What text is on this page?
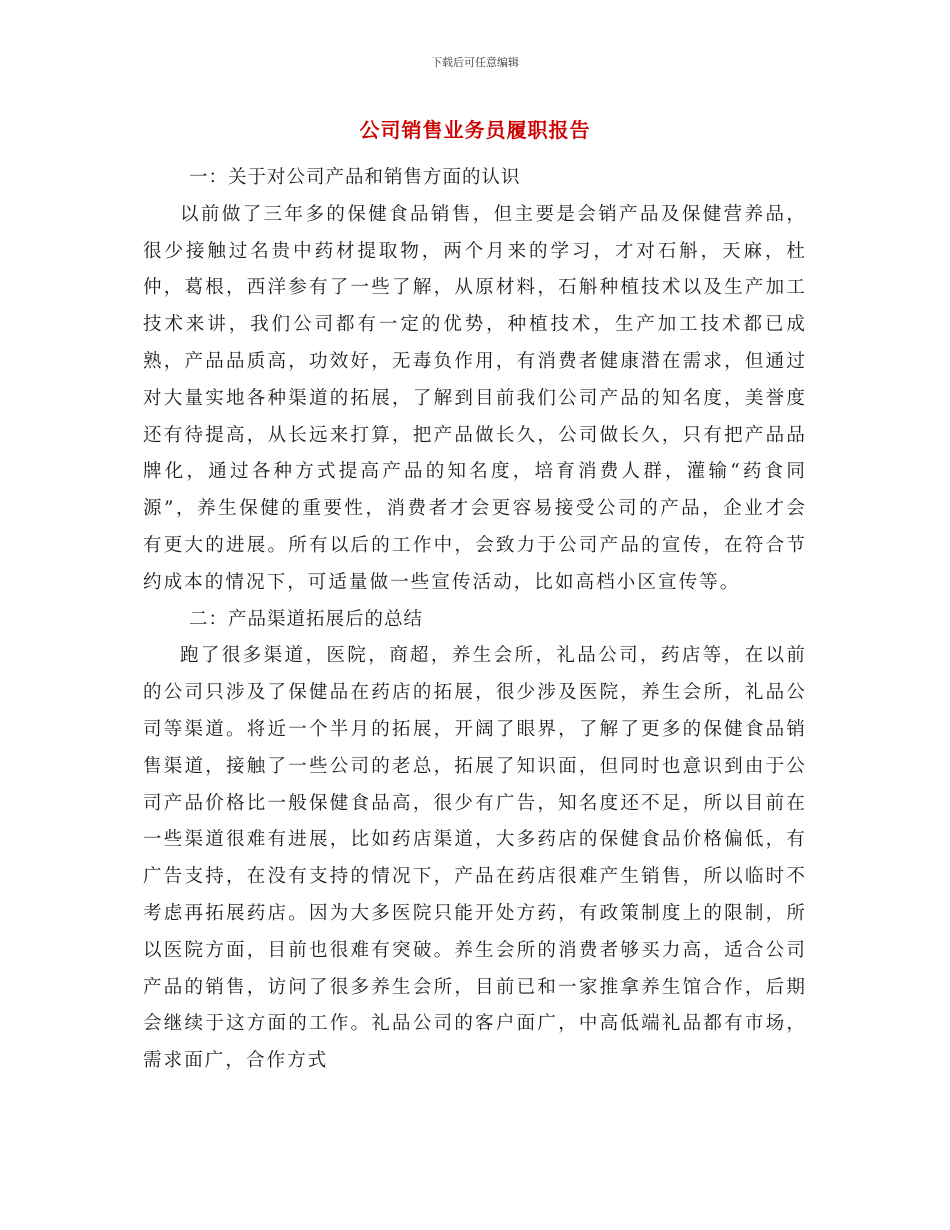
下载后可任意编辑
公司销售业务员履职报告

一：关于对公司产品和销售方面的认识

以前做了三年多的保健食品销售，但主要是会销产品及保健营养品，很少接触过名贵中药材提取物，两个月来的学习，才对石斛，天麻，杜仲，葛根，西洋参有了一些了解，从原材料，石斛种植技术以及生产加工技术来讲，我们公司都有一定的优势，种植技术，生产加工技术都已成熟，产品品质高，功效好，无毒负作用，有消费者健康潜在需求，但通过对大量实地各种渠道的拓展，了解到目前我们公司产品的知名度，美誉度还有待提高，从长远来打算，把产品做长久，公司做长久，只有把产品品牌化，通过各种方式提高产品的知名度，培育消费人群，灌输“药食同源”，养生保健的重要性，消费者才会更容易接受公司的产品，企业才会有更大的进展。所有以后的工作中，会致力于公司产品的宣传，在符合节约成本的情况下，可适量做一些宣传活动，比如高档小区宣传等。

二：产品渠道拓展后的总结

跑了很多渠道，医院，商超，养生会所，礼品公司，药店等，在以前的公司只涉及了保健品在药店的拓展，很少涉及医院，养生会所，礼品公司等渠道。将近一个半月的拓展，开阔了眼界，了解了更多的保健食品销售渠道，接触了一些公司的老总，拓展了知识面，但同时也意识到由于公司产品价格比一般保健食品高，很少有广告，知名度还不足，所以目前在一些渠道很难有进展，比如药店渠道，大多药店的保健食品价格偏低，有广告支持，在没有支持的情况下，产品在药店很难产生销售，所以临时不考虑再拓展药店。因为大多医院只能开处方药，有政策制度上的限制，所以医院方面，目前也很难有突破。养生会所的消费者够买力高，适合公司产品的销售，访问了很多养生会所，目前已和一家推拿养生馆合作，后期会继续于这方面的工作。礼品公司的客户面广，中高低端礼品都有市场，需求面广，合作方式
